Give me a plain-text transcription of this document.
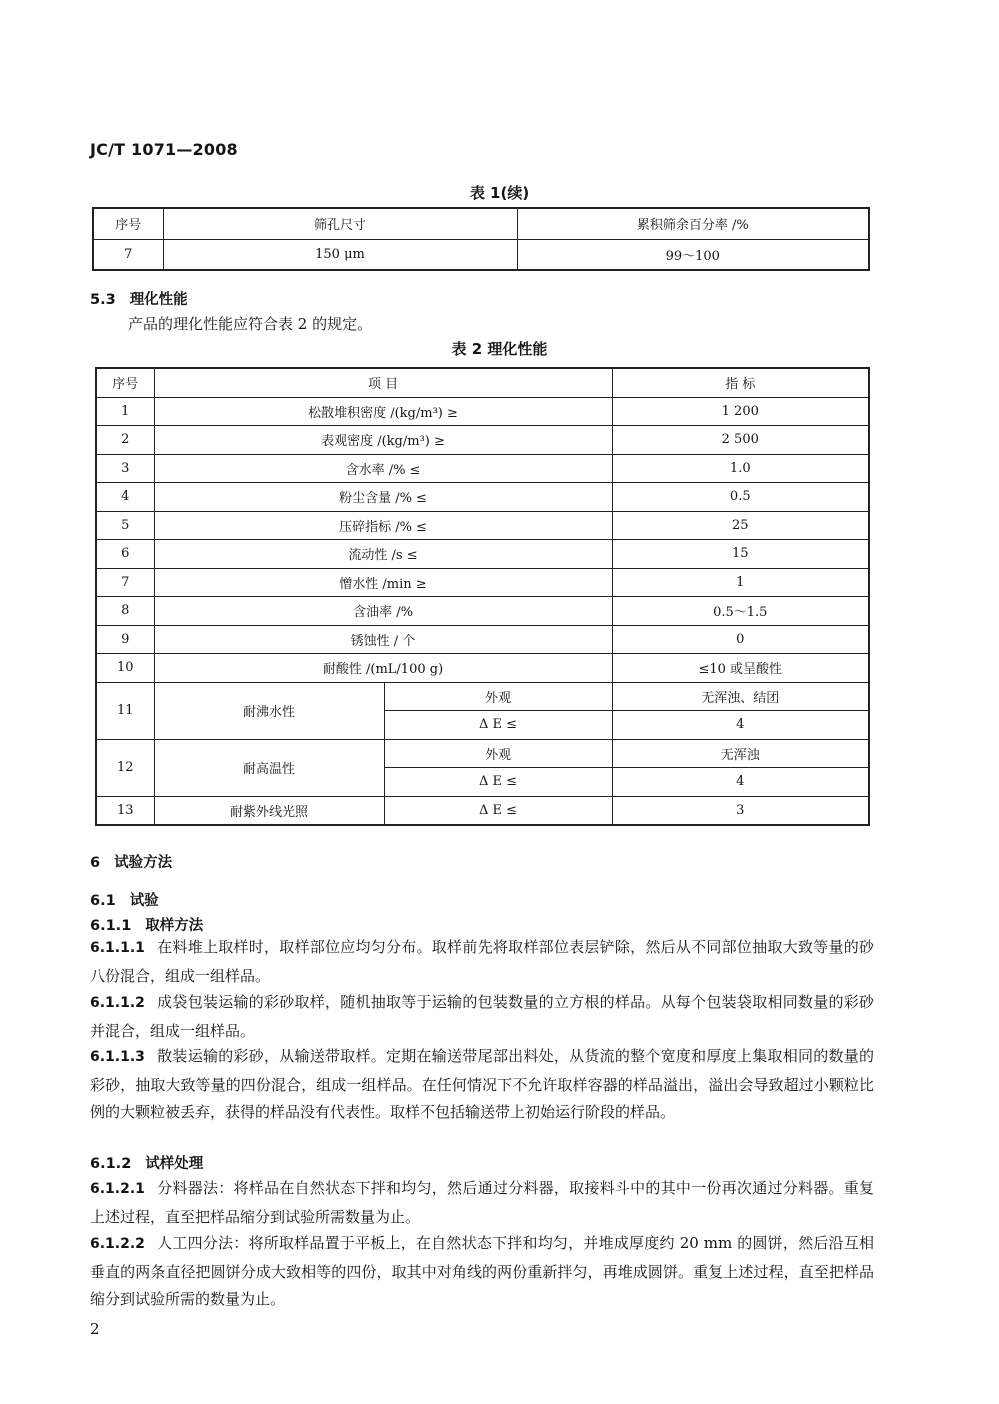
JC/T 1071—2008
表 1(续)
序号	筛孔尺寸	累积筛余百分率 /%
7	150 μm	99～100
5.3 理化性能
产品的理化性能应符合表 2 的规定。
表 2 理化性能
序号	项 目		指 标
1	松散堆积密度 /(kg/m³) ≥		1 200
2	表观密度 /(kg/m³) ≥		2 500
3	含水率 /% ≤		1.0
4	粉尘含量 /% ≤		0.5
5	压碎指标 /% ≤		25
6	流动性 /s ≤		15
7	憎水性 /min ≥		1
8	含油率 /%		0.5～1.5
9	锈蚀性 / 个		0
10	耐酸性 /(mL/100 g)		≤10 或呈酸性
11	耐沸水性	外观	无浑浊、结团
		Δ E ≤	4
12	耐高温性	外观	无浑浊
		Δ E ≤	4
13	耐紫外线光照	Δ E ≤	3
6 试验方法
6.1 试验
6.1.1 取样方法
6.1.1.1 在料堆上取样时，取样部位应均匀分布。取样前先将取样部位表层铲除，然后从不同部位抽取大致等量的砂八份混合，组成一组样品。
6.1.1.2 成袋包装运输的彩砂取样，随机抽取等于运输的包装数量的立方根的样品。从每个包装袋取相同数量的彩砂并混合，组成一组样品。
6.1.1.3 散装运输的彩砂，从输送带取样。定期在输送带尾部出料处，从货流的整个宽度和厚度上集取相同的数量的彩砂，抽取大致等量的四份混合，组成一组样品。在任何情况下不允许取样容器的样品溢出，溢出会导致超过小颗粒比例的大颗粒被丢弃，获得的样品没有代表性。取样不包括输送带上初始运行阶段的样品。
6.1.2 试样处理
6.1.2.1 分料器法：将样品在自然状态下拌和均匀，然后通过分料器，取接料斗中的其中一份再次通过分料器。重复上述过程，直至把样品缩分到试验所需数量为止。
6.1.2.2 人工四分法：将所取样品置于平板上，在自然状态下拌和均匀，并堆成厚度约 20 mm 的圆饼，然后沿互相垂直的两条直径把圆饼分成大致相等的四份，取其中对角线的两份重新拌匀，再堆成圆饼。重复上述过程，直至把样品缩分到试验所需的数量为止。
2
